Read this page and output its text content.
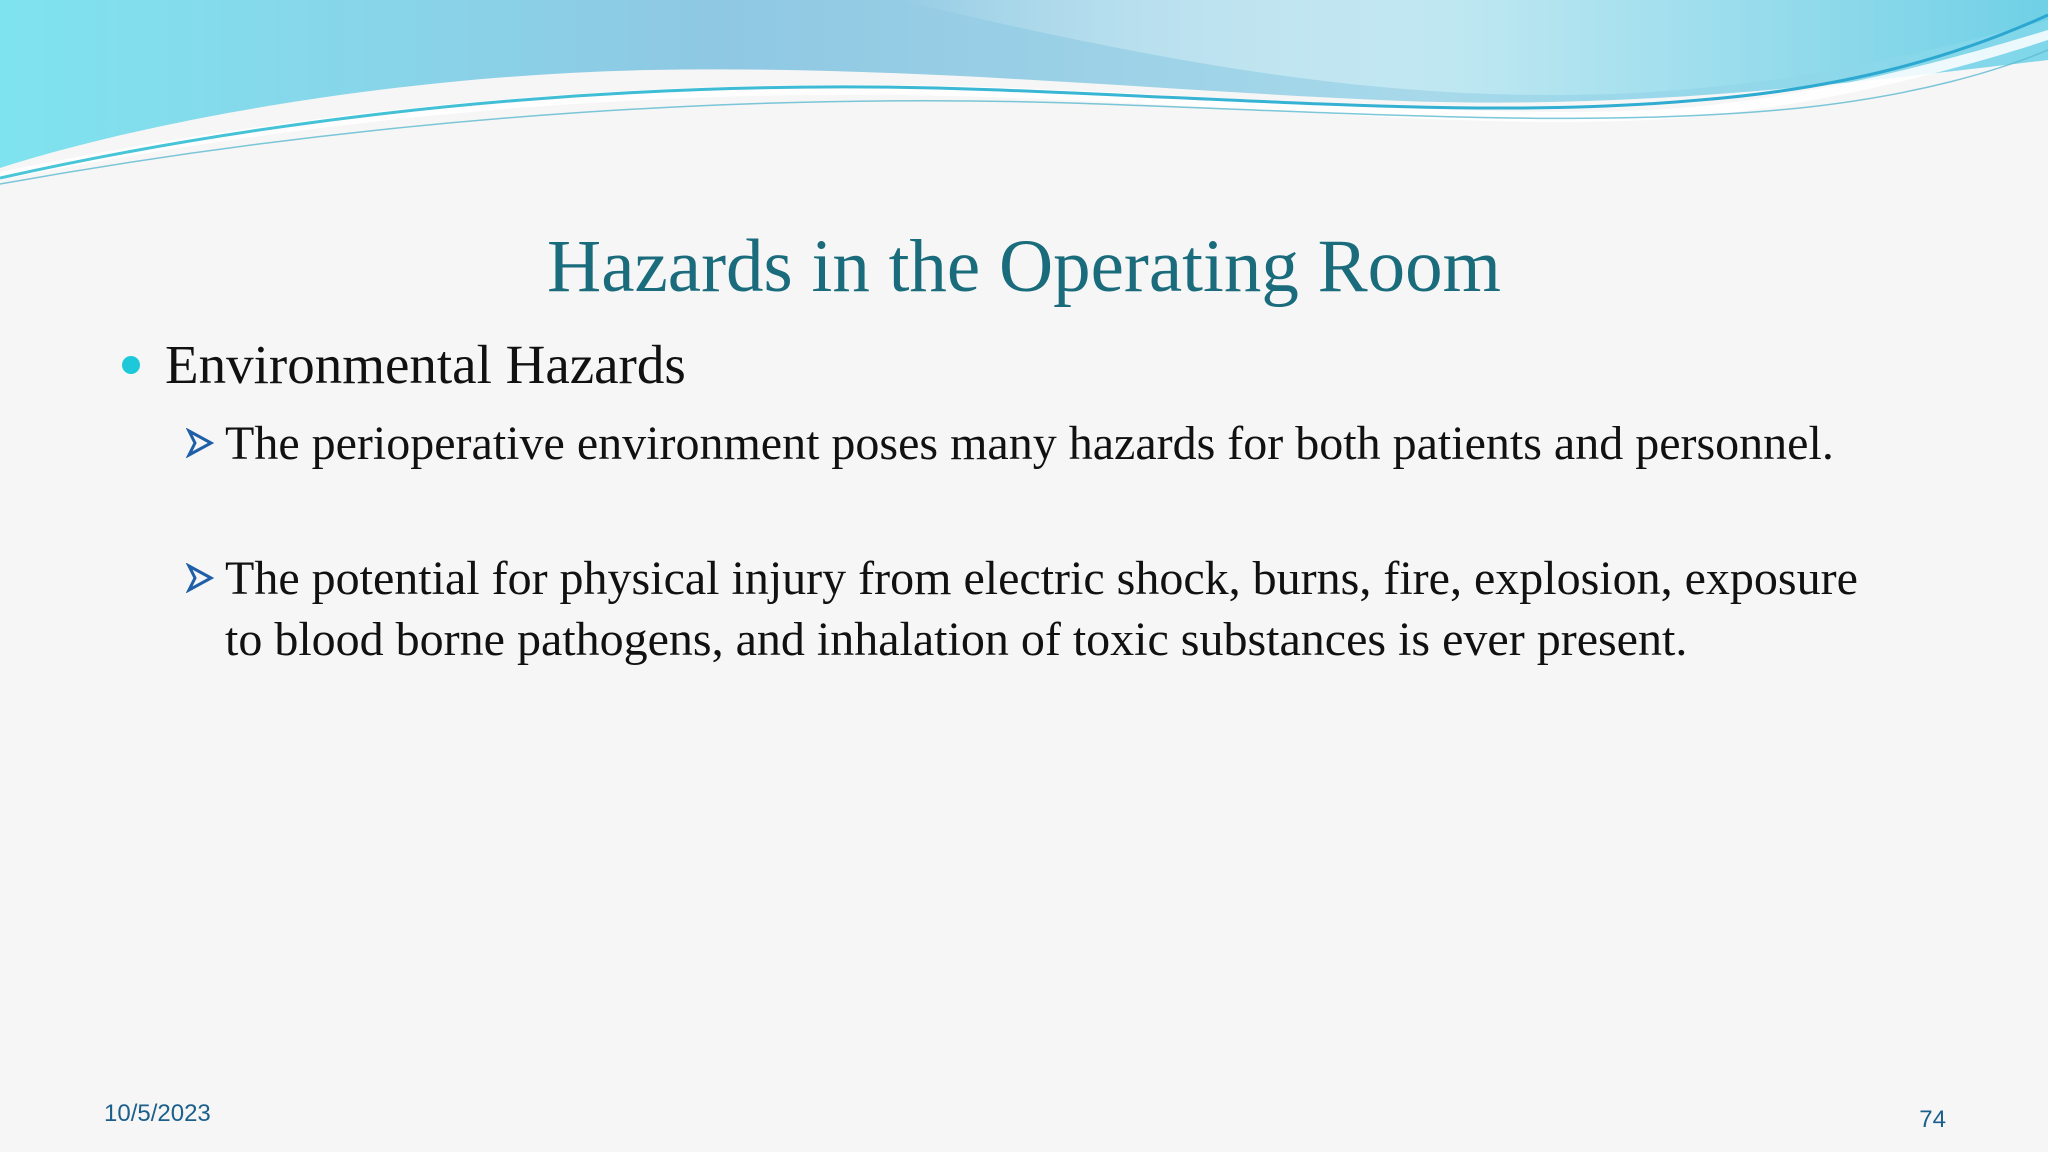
Hazards in the Operating Room
Environmental Hazards
The perioperative environment poses many hazards for both patients and personnel.
The potential for physical injury from electric shock, burns, fire, explosion, exposure to blood borne pathogens, and inhalation of toxic substances is ever present.
10/5/2023	74
